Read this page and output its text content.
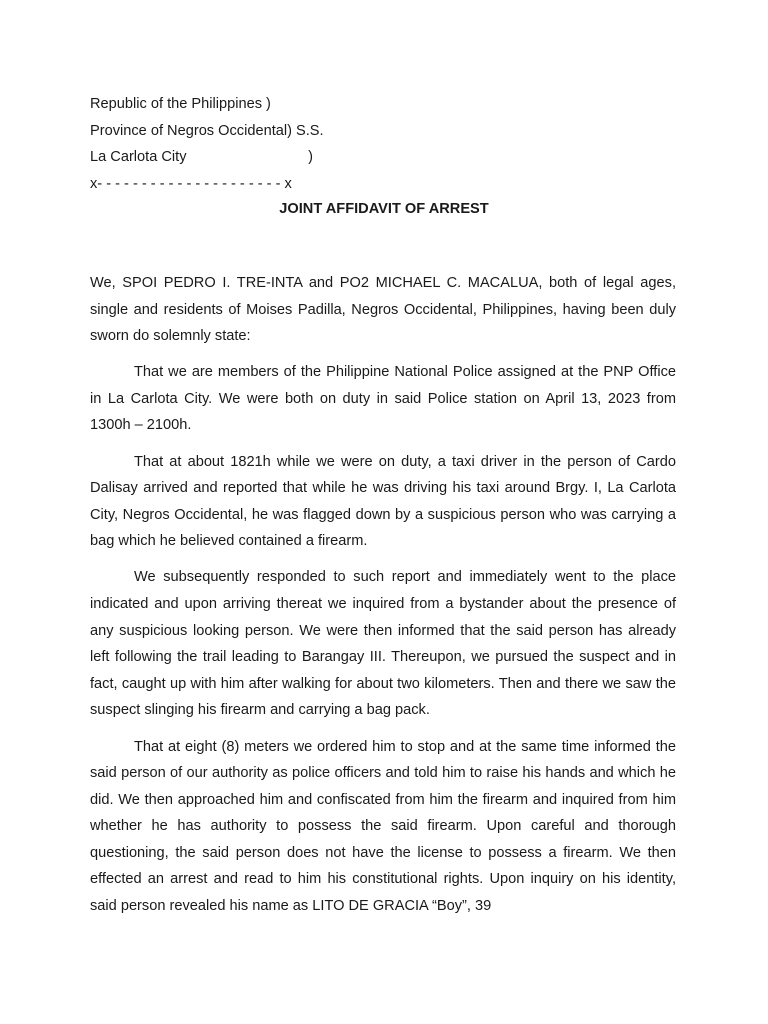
Republic of the Philippines )
Province of Negros Occidental) S.S.
La Carlota City                              )
x- - - - - - - - - - - - - - - - - - - - - x
JOINT AFFIDAVIT OF ARREST

We, SPOI PEDRO I. TRE-INTA and PO2 MICHAEL C. MACALUA, both of legal ages, single and residents of Moises Padilla, Negros Occidental, Philippines, having been duly sworn do solemnly state:

That we are members of the Philippine National Police assigned at the PNP Office in La Carlota City. We were both on duty in said Police station on April 13, 2023 from 1300h – 2100h.

That at about 1821h while we were on duty, a taxi driver in the person of Cardo Dalisay arrived and reported that while he was driving his taxi around Brgy. I, La Carlota City, Negros Occidental, he was flagged down by a suspicious person who was carrying a bag which he believed contained a firearm.

We subsequently responded to such report and immediately went to the place indicated and upon arriving thereat we inquired from a bystander about the presence of any suspicious looking person. We were then informed that the said person has already left following the trail leading to Barangay III. Thereupon, we pursued the suspect and in fact, caught up with him after walking for about two kilometers. Then and there we saw the suspect slinging his firearm and carrying a bag pack.

That at eight (8) meters we ordered him to stop and at the same time informed the said person of our authority as police officers and told him to raise his hands and which he did. We then approached him and confiscated from him the firearm and inquired from him whether he has authority to possess the said firearm. Upon careful and thorough questioning, the said person does not have the license to possess a firearm. We then effected an arrest and read to him his constitutional rights. Upon inquiry on his identity, said person revealed his name as LITO DE GRACIA “Boy”, 39
